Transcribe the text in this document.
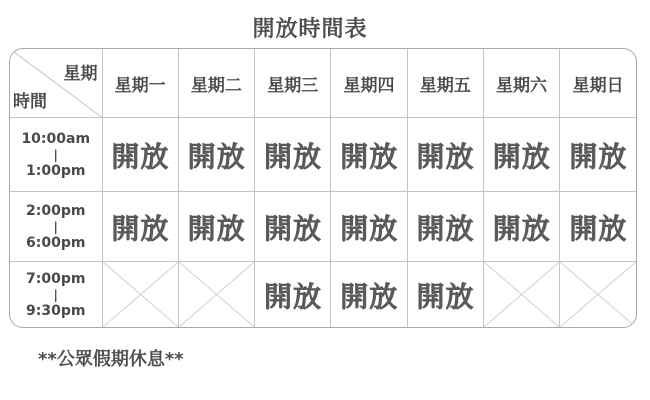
開放時間表
星期
時間	星期一	星期二	星期三	星期四	星期五	星期六	星期日
10:00am
|
1:00pm	開放	開放	開放	開放	開放	開放	開放
2:00pm
|
6:00pm	開放	開放	開放	開放	開放	開放	開放
7:00pm
|
9:30pm			開放	開放	開放	

**公眾假期休息**
